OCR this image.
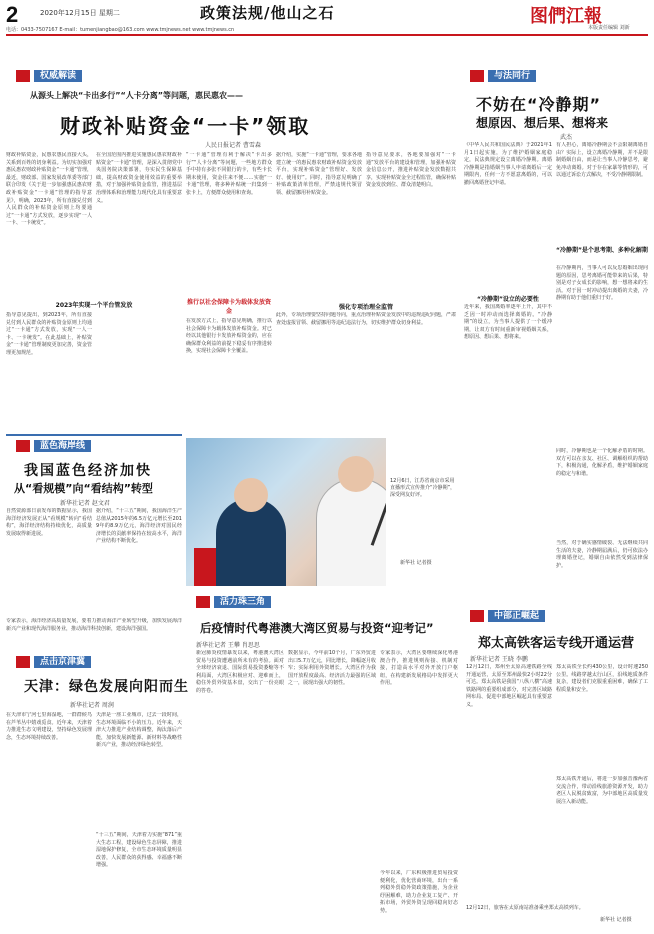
2	2020年12月15日 星期二
电话：0433-7507167 E-mail：tumenjiangbao@163.com www.tmjnews.net www.tmjnews.cn
政策法规/他山之石	图們江報
本版责任编辑 刘新
权威解读
从源头上解决“卡出多行”“人卡分离”等问题，惠民惠农——
财政补贴资金“一卡”领取
人民日报记者 曹雪森
财政补贴资金，民惠农惠民直接大头，关系到百姓的切身利益。为切实加强对惠民惠农财政补贴资金“一卡通”管理，最近，财政部、国家发展改革委等部门联合印发《关于进一步加强惠民惠农财政补贴资金“一卡通”管理的指导意见》，明确，2023年，所有直接兑付到人民群众的补贴资金原则上均要通过“一卡通”方式发放，逐步实现“一人一卡、一卡统发”。
在全国范围内推进实施惠民惠农财政补贴资金“一卡通”管理，是深入贯彻党中央国务院决策部署，夯实民生保障基础，提高财政资金使用效益的重要举措，对于加强补贴资金监管，推进基层治理体系和治理能力现代化具有重要意义。
“一卡通”管理有利于解决“卡出多行”“人卡分离”等问题，一些地方群众手中持有多张不同银行的卡，有些卡长期未使用，资金往来不便……实施“一卡通”管理，将多种补贴统一归集到一张卡上，方便群众使用和查询。
据介绍，实施“一卡通”管理，要求各地建立统一的惠民惠农财政补贴资金发放平台，实现补贴资金“管理好、发放好、使用好”。同时，指导意见明确了补贴政策清单管理，严禁违规代领冒领、截留挪用补贴资金。
指导意见要求，各地要加强对“一卡通”发放平台的建设和管理，加强补贴资金信息公开，推进补贴资金发放数据共享，实现补贴资金全过程监管，确保补贴资金发放到位、群众清楚明白。
2023年实现一个平台管发放
指导意见提出，到2023年，所有直接兑付到人民群众的补贴资金原则上均通过“一卡通”方式发放，实现“一人一卡、一卡统发”。在此基础上，补贴资金“一卡通”管理制度更加完善，资金管理更加规范。
推行以社会保障卡为载体发放资金
在发放方式上，指导意见明确，推行以社会保障卡为载体发放补贴资金。对已经以其他银行卡发放补贴资金的，应在确保群众利益的前提下稳妥有序推进转换，实现社会保障卡全覆盖。
强化专项治理全监管
此外，专项治理要坚持问题导向，重点治理补贴资金发放中的违规违纪问题，严肃查处虚报冒领、截留挪用等违纪违法行为，切实维护群众切身利益。
与法同行
不妨在“冷静期”
想原因、想后果、想将来
武杰
《中华人民共和国民法典》于2021年1月1日起实施，为了维护婚姻家庭稳定，民法典规定设立离婚冷静期。离婚冷静期是指婚姻当事人申请离婚后一定期限内，任何一方不愿意离婚的，可以撤回离婚登记申请。
有人担心，离婚冷静期会不会限制离婚自由？实际上，设立离婚冷静期，并不是限制婚姻自由，而是让当事人冷静思考，避免冲动离婚。对于存在家暴等情形的，可以通过诉讼方式解决，不受冷静期限制。
“冷静期”设立的必要性
近年来，我国离婚率逐年上升，其中不乏因一时冲动而选择离婚的。“冷静期”的设立，为当事人提供了一个缓冲期，让双方有时间重新审视婚姻关系，想原因、想后果、想将来。
“冷静期”是个思考期、多种化解期
在冷静期内，当事人可以反思婚姻出现问题的原因，思考离婚可能带来的后果，特别是对子女成长的影响，想一想将来的生活。对于因一时冲动提出离婚的夫妻，冷静期有助于他们重归于好。
同时，冷静期也是一个化解矛盾的时期。双方可以在亲友、社区、调解组织的帮助下，积极沟通，化解矛盾，维护婚姻家庭的稳定与和谐。
当然，对于确实感情破裂、无法继续共同生活的夫妻，冷静期届满后，仍可依法办理离婚登记，婚姻自由依然受到法律保护。
蓝色海岸线
我国蓝色经济加快
从“看规模”向“看结构”转型
新华社记者 赵文君
自然资源部日前发布的数据显示，我国海洋经济发展正从“看规模”转向“看结构”，海洋经济结构持续优化，高质量发展取得新进展。
据介绍，“十三五”期间，我国海洋生产总值从2015年的6.5万亿元增长至2019年的8.9万亿元，海洋经济对国民经济增长的贡献率保持在较高水平，海洋产业结构不断优化。
专家表示，海洋经济高质量发展，要着力推动海洋产业转型升级，加快发展海洋新兴产业和现代海洋服务业，推动海洋科技创新，建设海洋强国。
12月6日，江苏省南京市采用直播形式宣传推介“冷静期”，深受网友好评。
新华社 记者摄
活力珠三角
后疫情时代粤港澳大湾区贸易与投资“迎考记”
新华社记者 王攀 肖思思
新冠肺炎疫情暴发以来，粤港澳大湾区贸易与投资遭遇前所未有的考验。面对全球经济衰退、国际贸易投资萎缩等不利局面，大湾区积极应对、迎难而上，稳住外贸外资基本盘，交出了一份亮眼的答卷。
数据显示，今年前10个月，广东外贸进出口5.7万亿元，同比增长，降幅逐月收窄；实际利用外资增长。大湾区作为我国开放程度最高、经济活力最强的区域之一，展现出强大的韧性。
专家表示，大湾区要继续深化粤港澳合作，推进规则衔接、机制对接，打造高水平对外开放门户枢纽，在构建新发展格局中发挥更大作用。
今年以来，广东积极推进贸易投资便利化，优化营商环境，出台一系列稳外贸稳外资政策措施，为企业纾困解难，助力企业复工复产、开拓市场，外贸外资呈现回稳向好态势。
点击京津冀
天津：绿色发展向阳而生
新华社记者 周润
在天津市宁河七里海湿地，一群群候鸟在芦苇丛中嬉戏觅食。近年来，天津着力推进生态文明建设，坚持绿色发展理念，生态环境持续改善。
天津是一座工业城市，过去一段时间，生态环境面临不小的压力。近年来，天津大力推进产业结构调整，淘汰落后产能，加快发展新能源、新材料等战略性新兴产业，推动经济绿色转型。
“十三五”期间，天津着力实施“871”重大生态工程，建设绿色生态屏障，推进湿地保护修复，全市生态环境质量明显改善，人民群众的获得感、幸福感不断增强。
中部正崛起
郑太高铁客运专线开通运营
新华社记者 王晓 李鹏
12月12日，郑州至太原高速铁路全线开通运营，太原至郑州最快2小时22分可达。郑太高铁是我国“八纵八横”高速铁路网的重要组成部分，对完善区域路网布局、促进中部地区崛起具有重要意义。
郑太高铁全长约430公里，设计时速250公里。线路穿越太行山区，沿线地质条件复杂，建设者们克服重重困难，确保了工程质量和安全。
郑太高铁开通后，将进一步加强晋豫两省交流合作，带动沿线旅游资源开发，助力老区人民脱贫致富，为中部地区高质量发展注入新动能。
12月12日，旅客在太原南站准备乘坐郑太高铁列车。
新华社 记者摄
